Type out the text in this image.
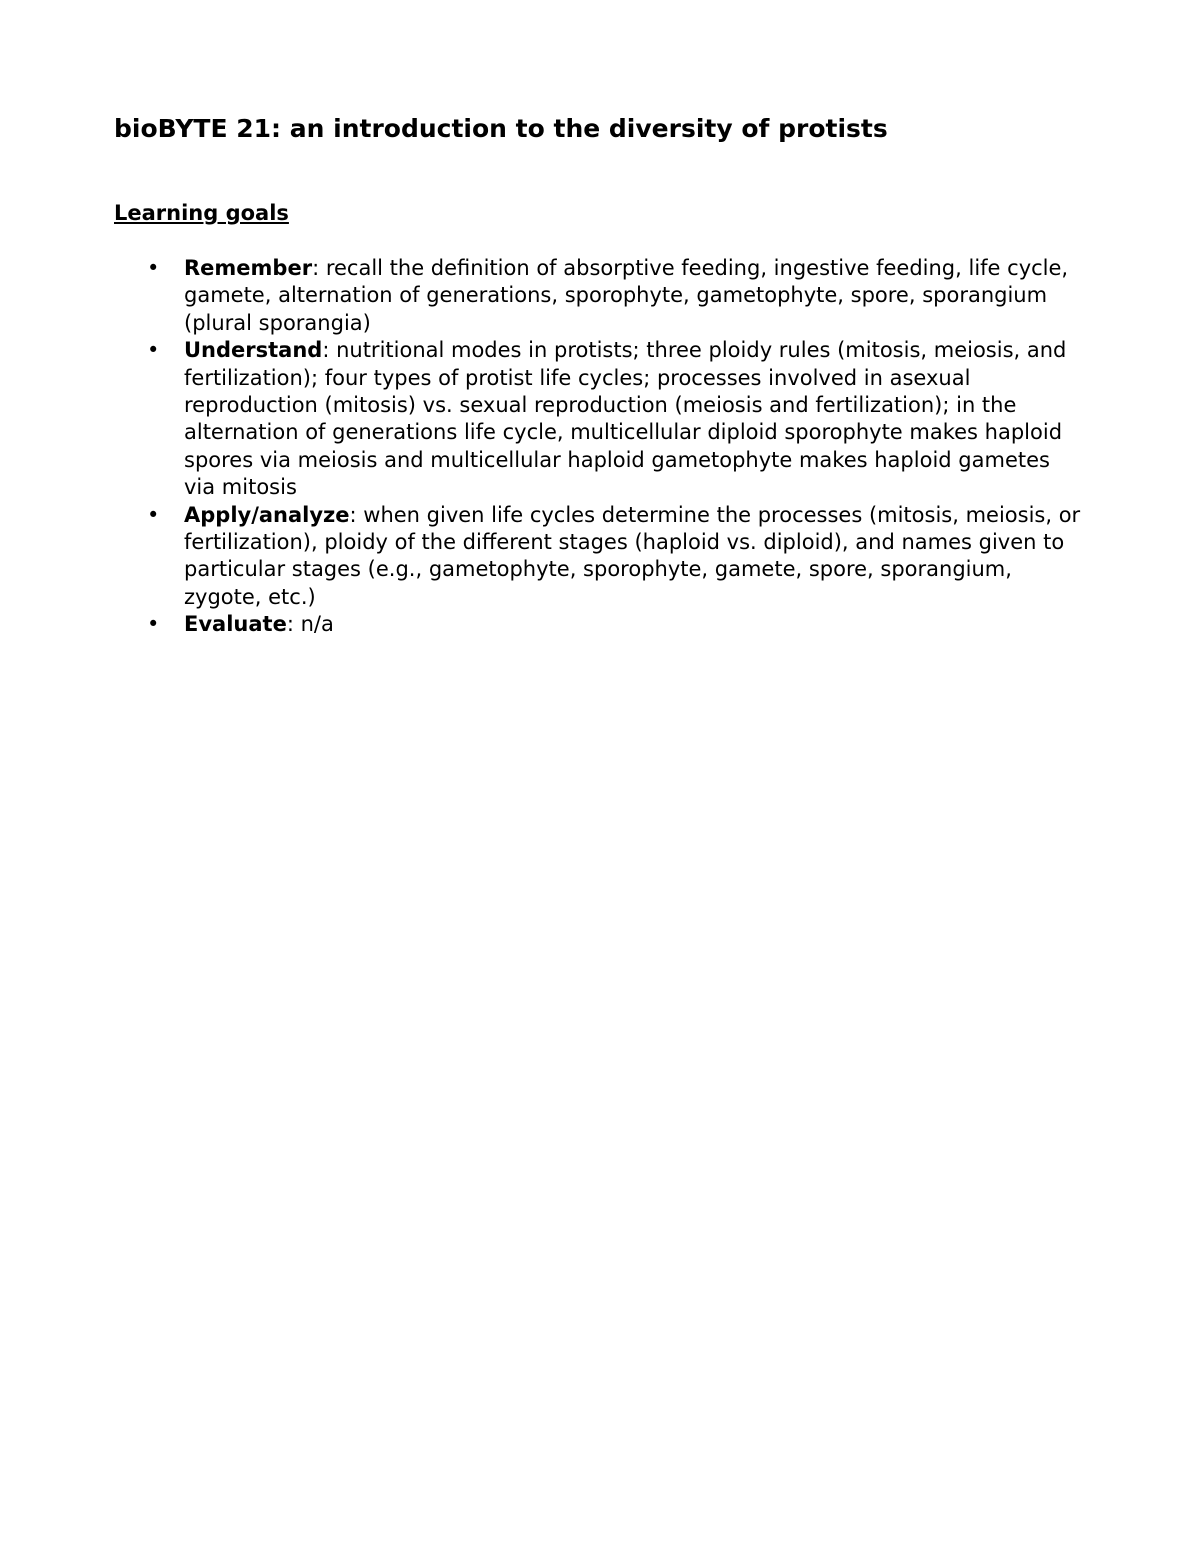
bioBYTE 21: an introduction to the diversity of protists
Learning goals
• Remember: recall the definition of absorptive feeding, ingestive feeding, life cycle, gamete, alternation of generations, sporophyte, gametophyte, spore, sporangium (plural sporangia)
• Understand: nutritional modes in protists; three ploidy rules (mitosis, meiosis, and fertilization); four types of protist life cycles; processes involved in asexual reproduction (mitosis) vs. sexual reproduction (meiosis and fertilization); in the alternation of generations life cycle, multicellular diploid sporophyte makes haploid spores via meiosis and multicellular haploid gametophyte makes haploid gametes via mitosis
• Apply/analyze: when given life cycles determine the processes (mitosis, meiosis, or fertilization), ploidy of the different stages (haploid vs. diploid), and names given to particular stages (e.g., gametophyte, sporophyte, gamete, spore, sporangium, zygote, etc.)
• Evaluate: n/a
